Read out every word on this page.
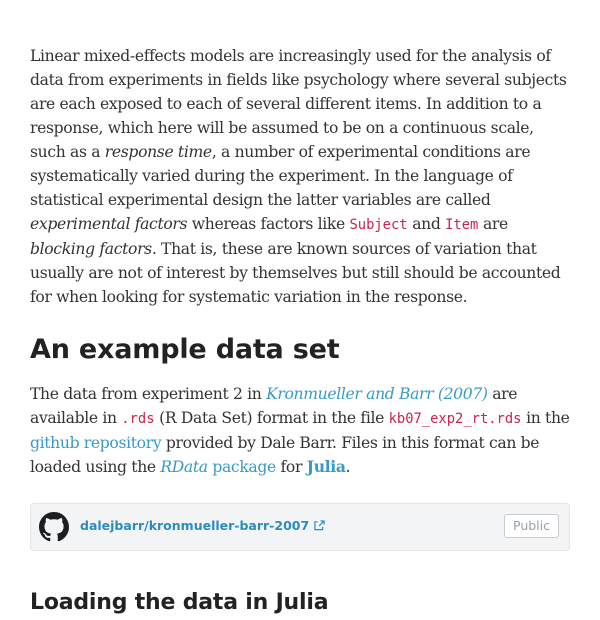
Linear mixed-effects models are increasingly used for the analysis of data from experiments in fields like psychology where several subjects are each exposed to each of several different items. In addition to a response, which here will be assumed to be on a continuous scale, such as a response time, a number of experimental conditions are systematically varied during the experiment. In the language of statistical experimental design the latter variables are called experimental factors whereas factors like Subject and Item are blocking factors. That is, these are known sources of variation that usually are not of interest by themselves but still should be accounted for when looking for systematic variation in the response.

An example data set

The data from experiment 2 in Kronmueller and Barr (2007) are available in .rds (R Data Set) format in the file kb07_exp2_rt.rds in the github repository provided by Dale Barr. Files in this format can be loaded using the RData package for Julia.

dalejbarr/kronmueller-barr-2007	Public
Loading the data in Julia
